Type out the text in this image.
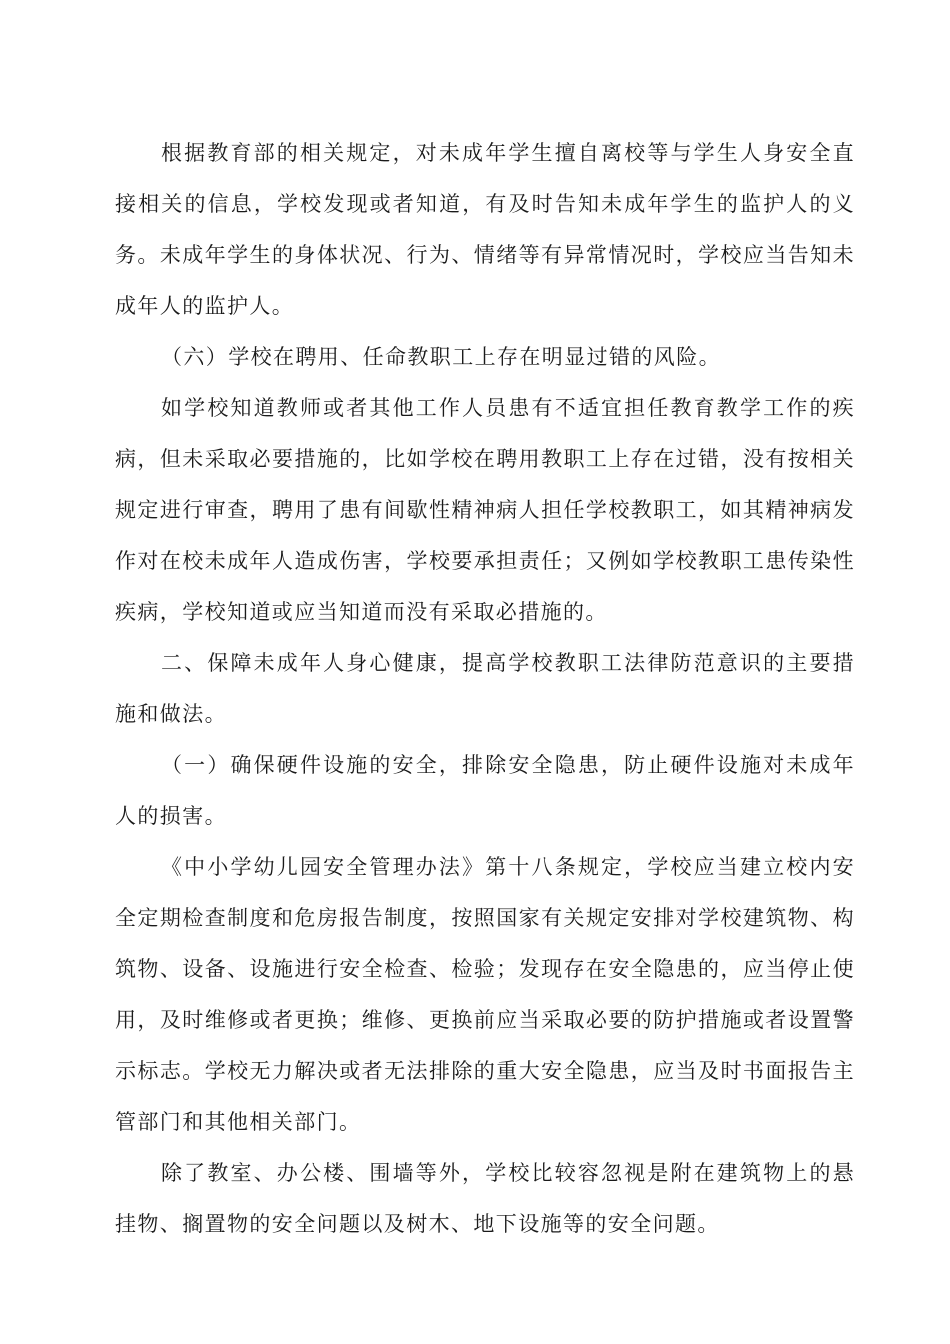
根据教育部的相关规定，对未成年学生擅自离校等与学生人身安全直接相关的信息，学校发现或者知道，有及时告知未成年学生的监护人的义务。未成年学生的身体状况、行为、情绪等有异常情况时，学校应当告知未成年人的监护人。

（六）学校在聘用、任命教职工上存在明显过错的风险。

如学校知道教师或者其他工作人员患有不适宜担任教育教学工作的疾病，但未采取必要措施的，比如学校在聘用教职工上存在过错，没有按相关规定进行审查，聘用了患有间歇性精神病人担任学校教职工，如其精神病发作对在校未成年人造成伤害，学校要承担责任；又例如学校教职工患传染性疾病，学校知道或应当知道而没有采取必措施的。

二、保障未成年人身心健康，提高学校教职工法律防范意识的主要措施和做法。

（一）确保硬件设施的安全，排除安全隐患，防止硬件设施对未成年人的损害。

《中小学幼儿园安全管理办法》第十八条规定，学校应当建立校内安全定期检查制度和危房报告制度，按照国家有关规定安排对学校建筑物、构筑物、设备、设施进行安全检查、检验；发现存在安全隐患的，应当停止使用，及时维修或者更换；维修、更换前应当采取必要的防护措施或者设置警示标志。学校无力解决或者无法排除的重大安全隐患，应当及时书面报告主管部门和其他相关部门。

除了教室、办公楼、围墙等外，学校比较容忽视是附在建筑物上的悬挂物、搁置物的安全问题以及树木、地下设施等的安全问题。
